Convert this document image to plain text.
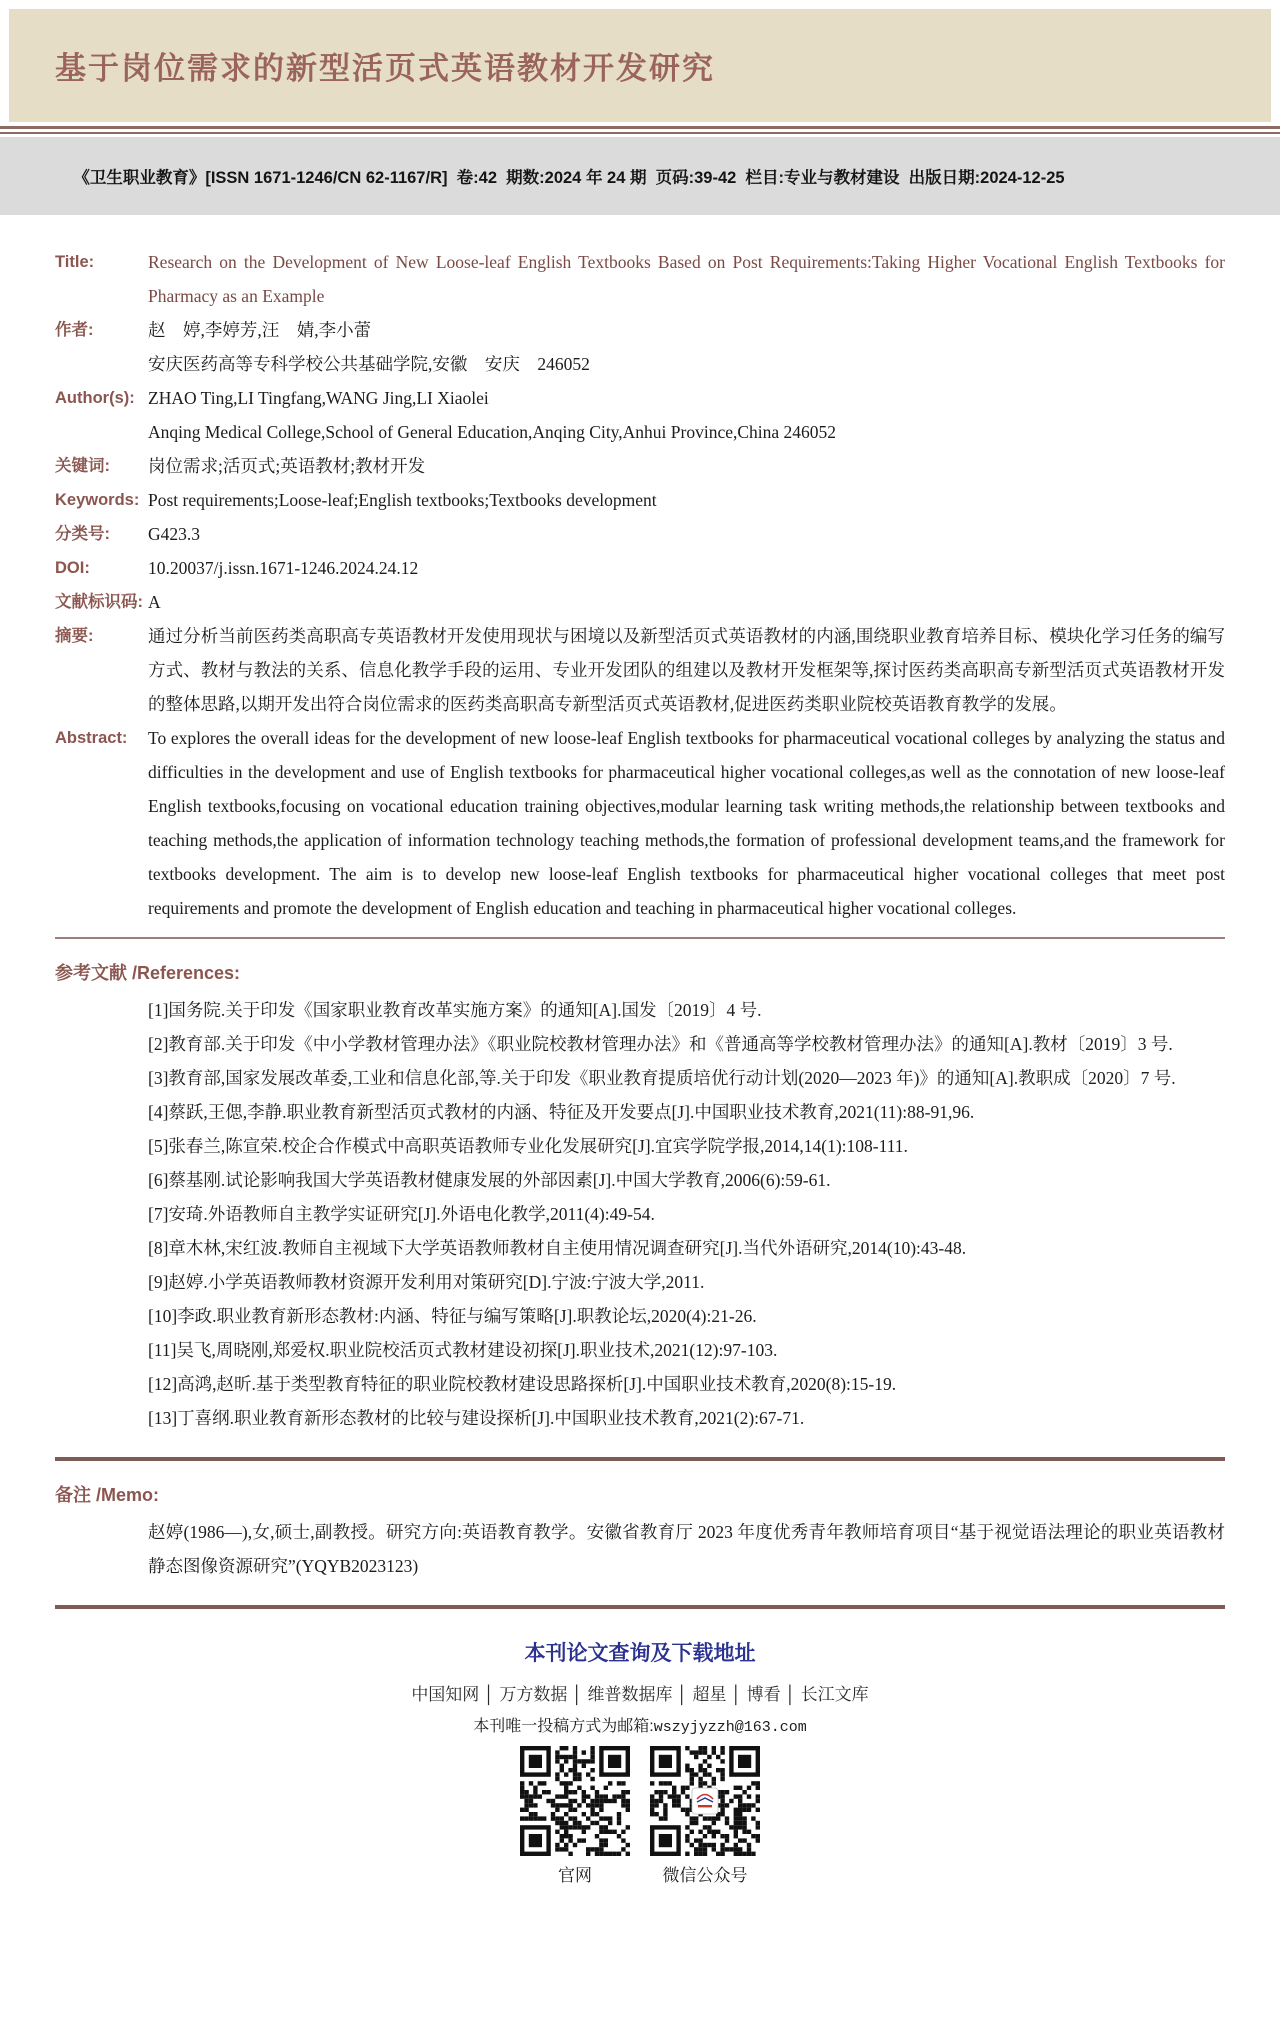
基于岗位需求的新型活页式英语教材开发研究

《卫生职业教育》[ISSN 1671-1246/CN 62-1167/R]  卷:42  期数:2024 年 24 期  页码:39-42  栏目:专业与教材建设  出版日期:2024-12-25

Title:	Research on the Development of New Loose-leaf English Textbooks Based on Post Requirements:Taking Higher Vocational English Textbooks for Pharmacy as an Example
作者:	赵　婷,李婷芳,汪　婧,李小蕾
安庆医药高等专科学校公共基础学院,安徽　安庆　246052
Author(s): ZHAO Ting,LI Tingfang,WANG Jing,LI Xiaolei
Anqing Medical College,School of General Education,Anqing City,Anhui Province,China 246052
关键词:	岗位需求;活页式;英语教材;教材开发
Keywords: Post requirements;Loose-leaf;English textbooks;Textbooks development
分类号:	G423.3
DOI:	10.20037/j.issn.1671-1246.2024.24.12
文献标识码: A
摘要:	通过分析当前医药类高职高专英语教材开发使用现状与困境以及新型活页式英语教材的内涵,围绕职业教育培养目标、模块化学习任务的编写方式、教材与教法的关系、信息化教学手段的运用、专业开发团队的组建以及教材开发框架等,探讨医药类高职高专新型活页式英语教材开发的整体思路,以期开发出符合岗位需求的医药类高职高专新型活页式英语教材,促进医药类职业院校英语教育教学的发展。
Abstract:	To explores the overall ideas for the development of new loose-leaf English textbooks for pharmaceutical vocational colleges by analyzing the status and difficulties in the development and use of English textbooks for pharmaceutical higher vocational colleges,as well as the connotation of new loose-leaf English textbooks,focusing on vocational education training objectives,modular learning task writing methods,the relationship between textbooks and teaching methods,the application of information technology teaching methods,the formation of professional development teams,and the framework for textbooks development. The aim is to develop new loose-leaf English textbooks for pharmaceutical higher vocational colleges that meet post requirements and promote the development of English education and teaching in pharmaceutical higher vocational colleges.
参考文献 /References:
[1]国务院.关于印发《国家职业教育改革实施方案》的通知[A].国发〔2019〕4 号.
[2]教育部.关于印发《中小学教材管理办法》《职业院校教材管理办法》和《普通高等学校教材管理办法》的通知[A].教材〔2019〕3 号.
[3]教育部,国家发展改革委,工业和信息化部,等.关于印发《职业教育提质培优行动计划(2020—2023 年)》的通知[A].教职成〔2020〕7 号.
[4]蔡跃,王偲,李静.职业教育新型活页式教材的内涵、特征及开发要点[J].中国职业技术教育,2021(11):88-91,96.
[5]张春兰,陈宣荣.校企合作模式中高职英语教师专业化发展研究[J].宜宾学院学报,2014,14(1):108-111.
[6]蔡基刚.试论影响我国大学英语教材健康发展的外部因素[J].中国大学教育,2006(6):59-61.
[7]安琦.外语教师自主教学实证研究[J].外语电化教学,2011(4):49-54.
[8]章木林,宋红波.教师自主视域下大学英语教师教材自主使用情况调查研究[J].当代外语研究,2014(10):43-48.
[9]赵婷.小学英语教师教材资源开发利用对策研究[D].宁波:宁波大学,2011.
[10]李政.职业教育新形态教材:内涵、特征与编写策略[J].职教论坛,2020(4):21-26.
[11]吴飞,周晓刚,郑爱权.职业院校活页式教材建设初探[J].职业技术,2021(12):97-103.
[12]高鸿,赵昕.基于类型教育特征的职业院校教材建设思路探析[J].中国职业技术教育,2020(8):15-19.
[13]丁喜纲.职业教育新形态教材的比较与建设探析[J].中国职业技术教育,2021(2):67-71.
备注 /Memo:
赵婷(1986—),女,硕士,副教授。研究方向:英语教育教学。安徽省教育厅 2023 年度优秀青年教师培育项目“基于视觉语法理论的职业英语教材静态图像资源研究”(YQYB2023123)

本刊论文查询及下载地址

中国知网 │ 万方数据 │ 维普数据库 │ 超星 │ 博看 │ 长江文库
本刊唯一投稿方式为邮箱:wszyjyzzh@163.com
官网	微信公众号
